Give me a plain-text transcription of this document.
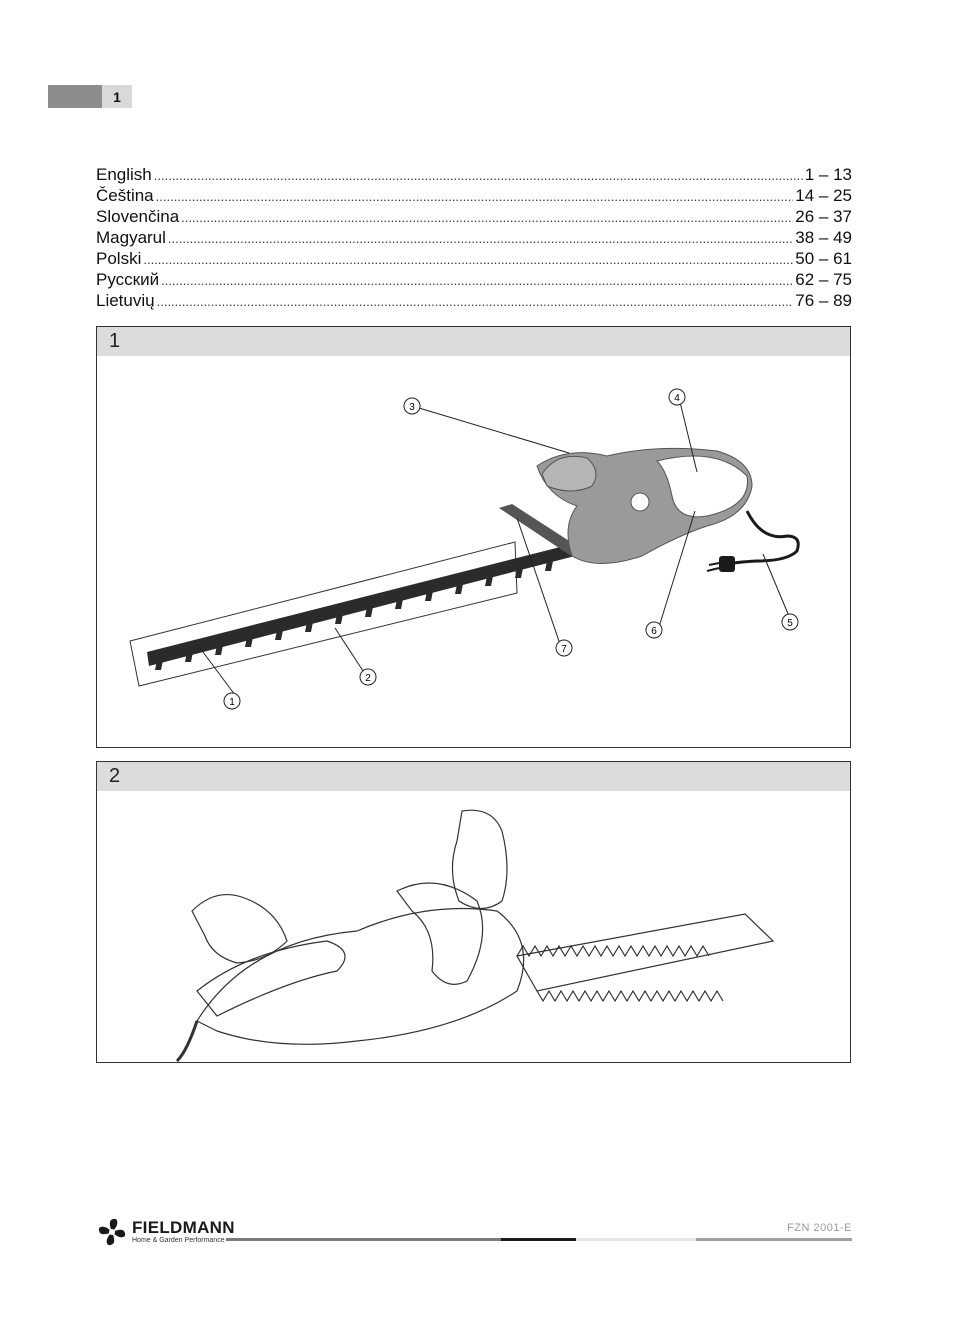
1
English .....	1 – 13
Čeština .....	14 – 25
Slovenčina .....	26 – 37
Magyarul .....	38 – 49
Polski .....	50 – 61
Русский .....	62 – 75
Lietuvių .....	76 – 89
1
1
2
3
4
5
6
7
2
FIELDMANN
Home & Garden Performance
FZN 2001-E
